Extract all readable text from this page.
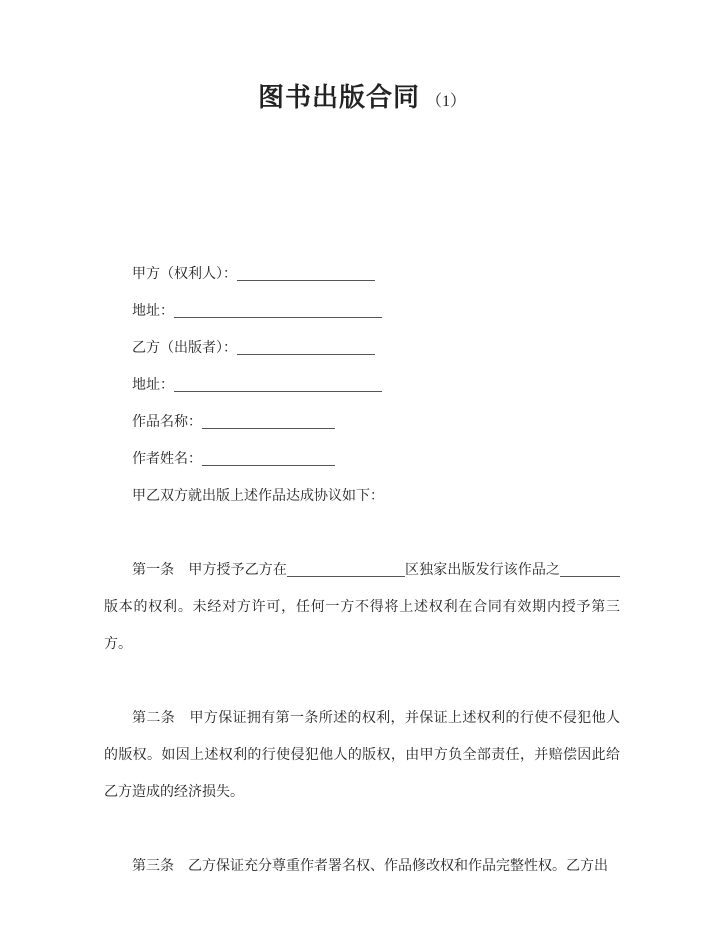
图书出版合同 （1）
甲方（权利人）：
地址：
乙方（出版者）：
地址：
作品名称：
作者姓名：

甲乙双方就出版上述作品达成协议如下：

第一条　甲方授予乙方在	区独家出版发行该作品之版本的权利。未经对方许可，任何一方不得将上述权利在合同有效期内授予第三方。

第二条　甲方保证拥有第一条所述的权利，并保证上述权利的行使不侵犯他人的版权。如因上述权利的行使侵犯他人的版权，由甲方负全部责任，并赔偿因此给乙方造成的经济损失。

第三条　乙方保证充分尊重作者署名权、作品修改权和作品完整性权。乙方出
